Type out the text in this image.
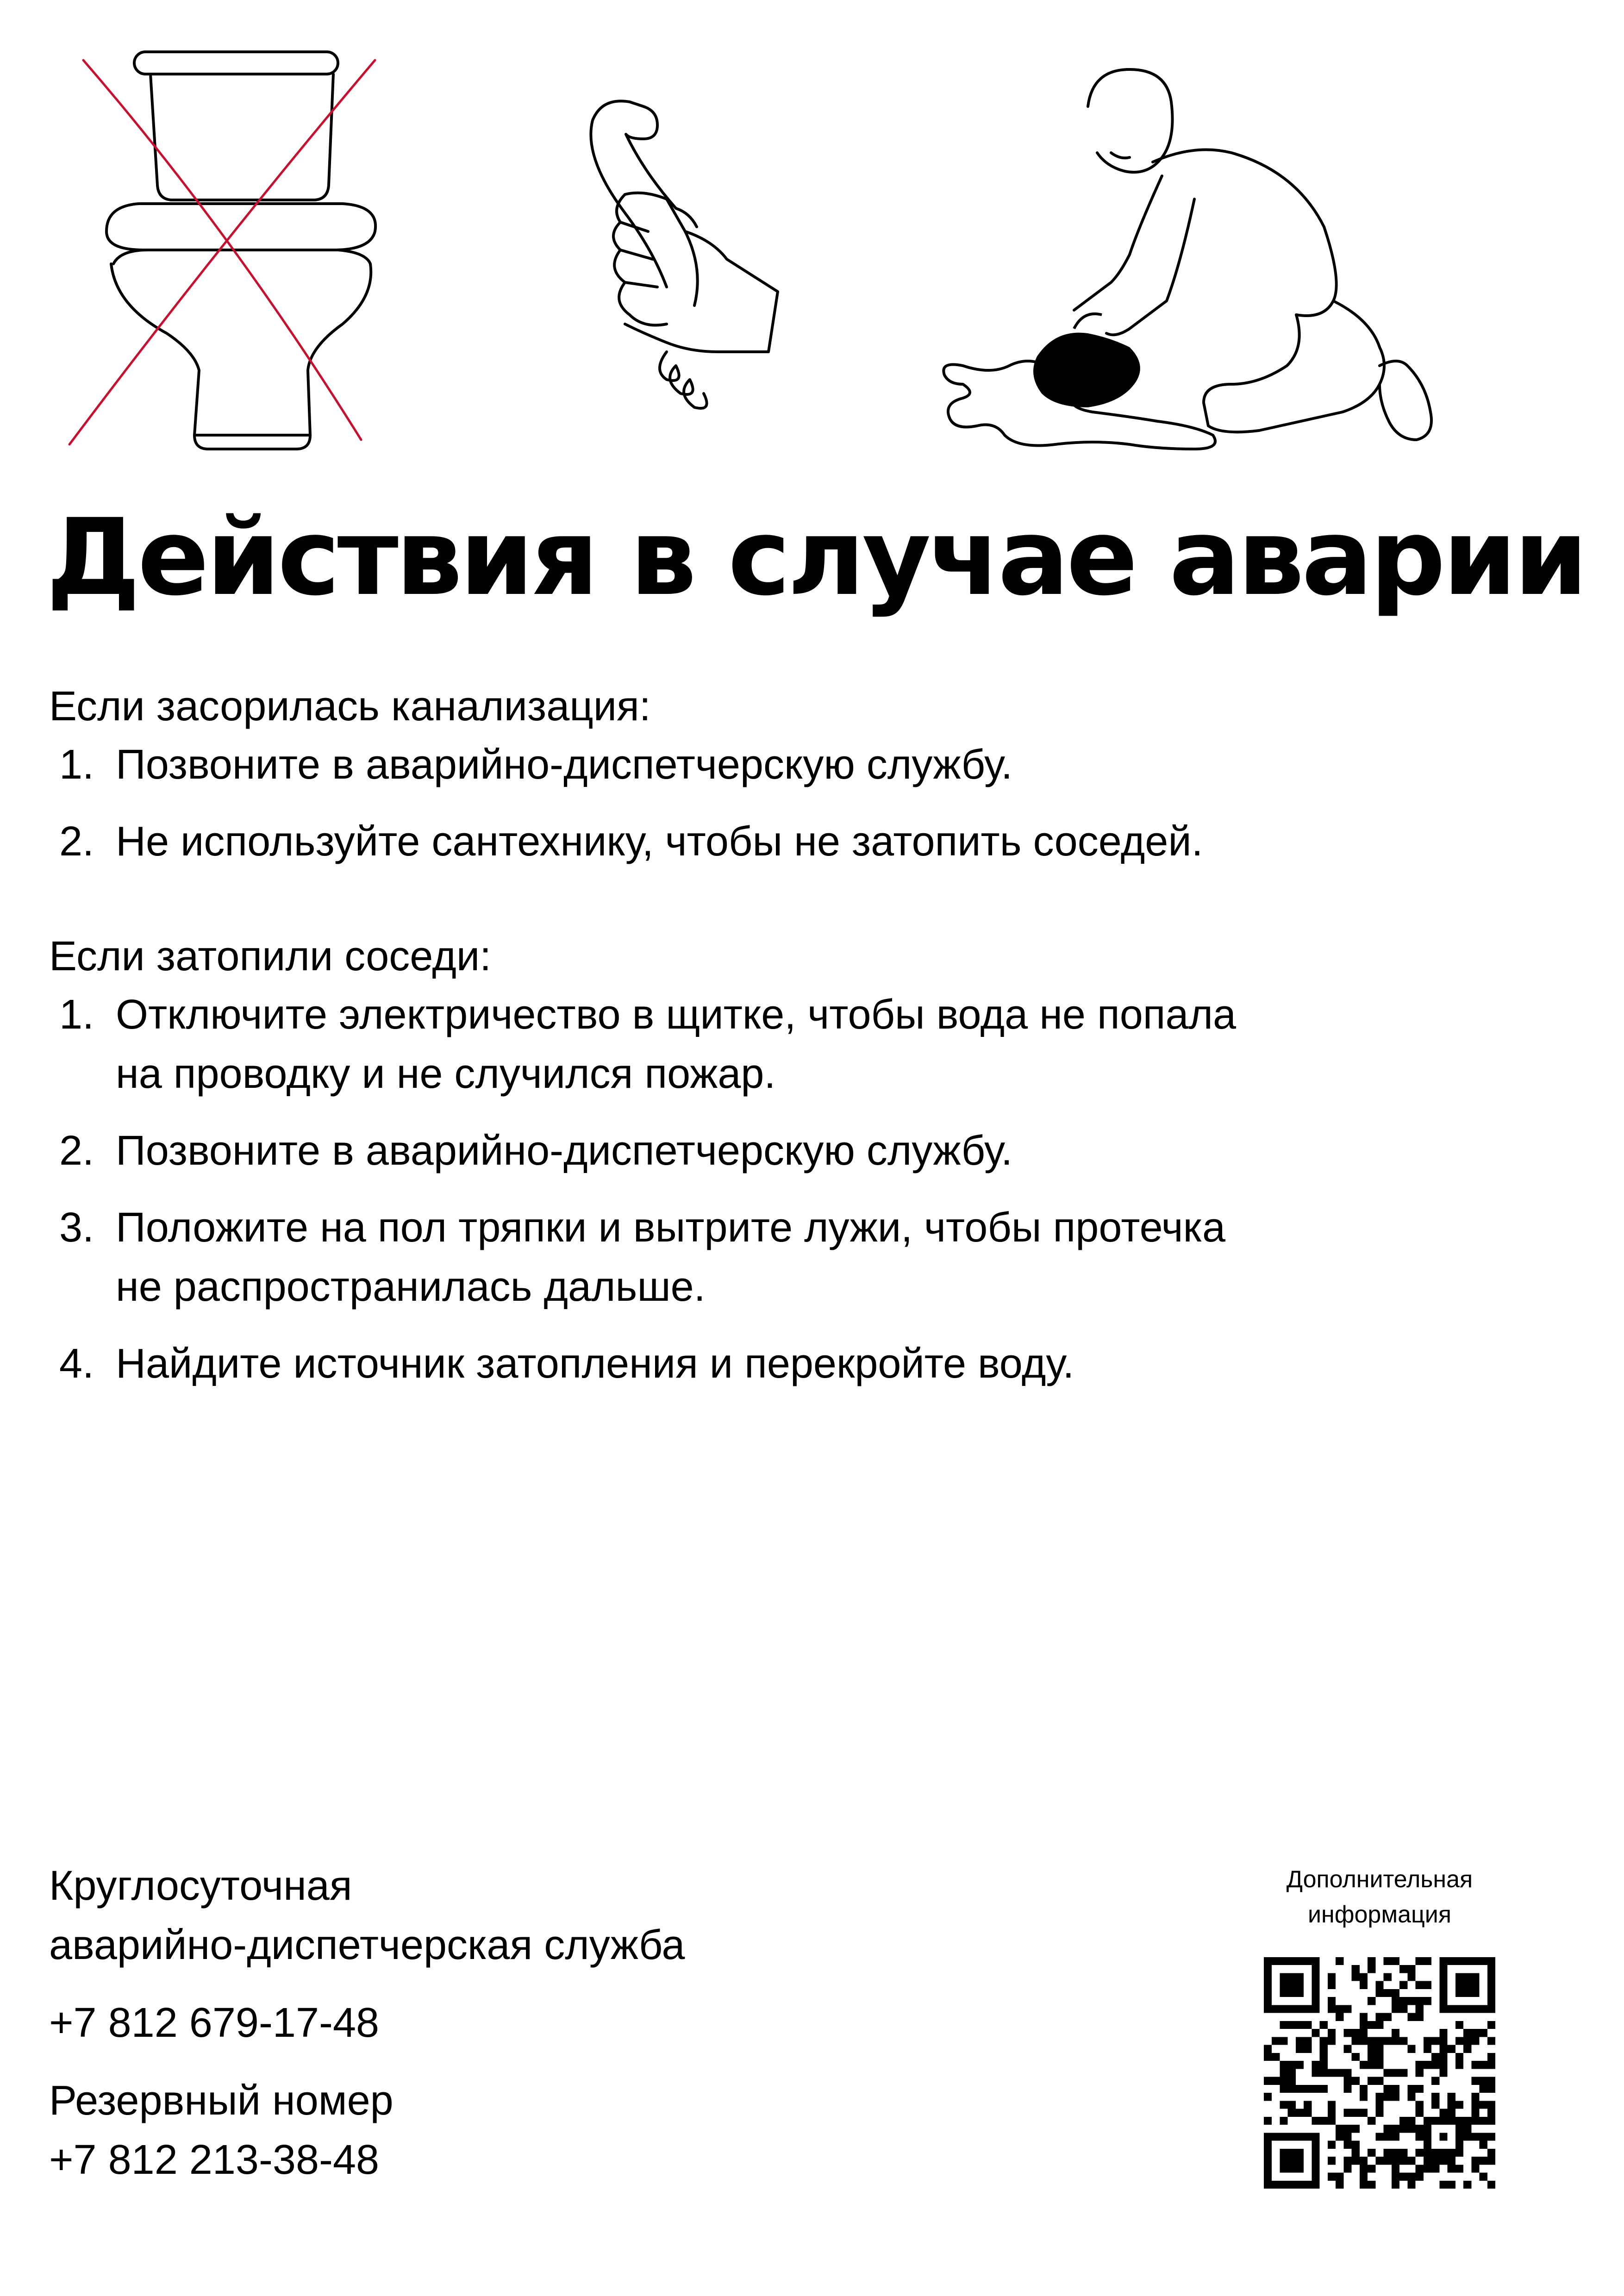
Действия в случае аварии

Если засорилась канализация:

1. Позвоните в аварийно-диспетчерскую службу.
2. Не используйте сантехнику, чтобы не затопить соседей.

Если затопили соседи:

1. Отключите электричество в щитке, чтобы вода не попала
на проводку и не случился пожар.
2. Позвоните в аварийно-диспетчерскую службу.
3. Положите на пол тряпки и вытрите лужи, чтобы протечка
не распространилась дальше.
4. Найдите источник затопления и перекройте воду.

Круглосуточная

аварийно-диспетчерская служба

+7 812 679-17-48

Резервный номер

+7 812 213-38-48

Дополнительная

информация
